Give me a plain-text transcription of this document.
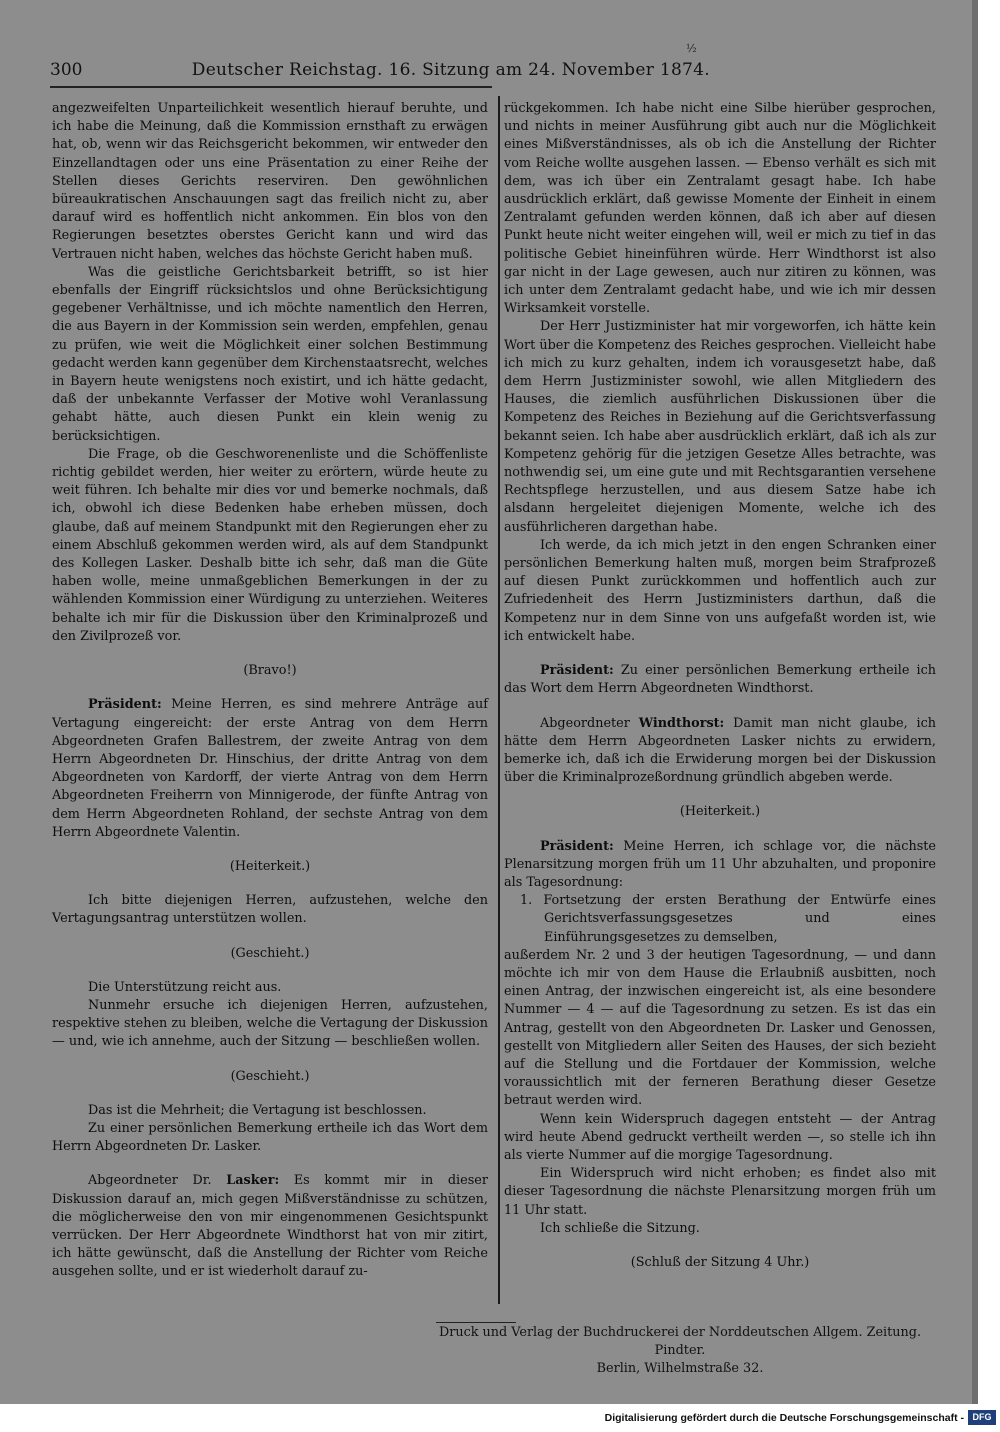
300	Deutscher Reichstag. 16. Sitzung am 24. November 1874.
½

angezweifelten Unparteilichkeit wesentlich hierauf beruhte, und ich habe die Meinung, daß die Kommission ernsthaft zu erwägen hat, ob, wenn wir das Reichsgericht bekommen, wir entweder den Einzellandtagen oder uns eine Präsentation zu einer Reihe der Stellen dieses Gerichts reserviren. Den gewöhnlichen büreaukratischen Anschauungen sagt das freilich nicht zu, aber darauf wird es hoffentlich nicht ankommen. Ein blos von den Regierungen besetztes oberstes Gericht kann und wird das Vertrauen nicht haben, welches das höchste Gericht haben muß.

Was die geistliche Gerichtsbarkeit betrifft, so ist hier ebenfalls der Eingriff rücksichtslos und ohne Berücksichtigung gegebener Verhältnisse, und ich möchte namentlich den Herren, die aus Bayern in der Kommission sein werden, empfehlen, genau zu prüfen, wie weit die Möglichkeit einer solchen Bestimmung gedacht werden kann gegenüber dem Kirchenstaatsrecht, welches in Bayern heute wenigstens noch existirt, und ich hätte gedacht, daß der unbekannte Verfasser der Motive wohl Veranlassung gehabt hätte, auch diesen Punkt ein klein wenig zu berücksichtigen.

Die Frage, ob die Geschworenenliste und die Schöffenliste richtig gebildet werden, hier weiter zu erörtern, würde heute zu weit führen. Ich behalte mir dies vor und bemerke nochmals, daß ich, obwohl ich diese Bedenken habe erheben müssen, doch glaube, daß auf meinem Standpunkt mit den Regierungen eher zu einem Abschluß gekommen werden wird, als auf dem Standpunkt des Kollegen Lasker. Deshalb bitte ich sehr, daß man die Güte haben wolle, meine unmaßgeblichen Bemerkungen in der zu wählenden Kommission einer Würdigung zu unterziehen. Weiteres behalte ich mir für die Diskussion über den Kriminalprozeß und den Zivilprozeß vor.

(Bravo!)

Präsident: Meine Herren, es sind mehrere Anträge auf Vertagung eingereicht: der erste Antrag von dem Herrn Abgeordneten Grafen Ballestrem, der zweite Antrag von dem Herrn Abgeordneten Dr. Hinschius, der dritte Antrag von dem Abgeordneten von Kardorff, der vierte Antrag von dem Herrn Abgeordneten Freiherrn von Minnigerode, der fünfte Antrag von dem Herrn Abgeordneten Rohland, der sechste Antrag von dem Herrn Abgeordnete Valentin.

(Heiterkeit.)

Ich bitte diejenigen Herren, aufzustehen, welche den Vertagungsantrag unterstützen wollen.

(Geschieht.)

Die Unterstützung reicht aus.

Nunmehr ersuche ich diejenigen Herren, aufzustehen, respektive stehen zu bleiben, welche die Vertagung der Diskussion — und, wie ich annehme, auch der Sitzung — beschließen wollen.

(Geschieht.)

Das ist die Mehrheit; die Vertagung ist beschlossen.

Zu einer persönlichen Bemerkung ertheile ich das Wort dem Herrn Abgeordneten Dr. Lasker.

Abgeordneter Dr. Lasker: Es kommt mir in dieser Diskussion darauf an, mich gegen Mißverständnisse zu schützen, die möglicherweise den von mir eingenommenen Gesichtspunkt verrücken. Der Herr Abgeordnete Windthorst hat von mir zitirt, ich hätte gewünscht, daß die Anstellung der Richter vom Reiche ausgehen sollte, und er ist wiederholt darauf zu-

rückgekommen. Ich habe nicht eine Silbe hierüber gesprochen, und nichts in meiner Ausführung gibt auch nur die Möglichkeit eines Mißverständnisses, als ob ich die Anstellung der Richter vom Reiche wollte ausgehen lassen. — Ebenso verhält es sich mit dem, was ich über ein Zentralamt gesagt habe. Ich habe ausdrücklich erklärt, daß gewisse Momente der Einheit in einem Zentralamt gefunden werden können, daß ich aber auf diesen Punkt heute nicht weiter eingehen will, weil er mich zu tief in das politische Gebiet hineinführen würde. Herr Windthorst ist also gar nicht in der Lage gewesen, auch nur zitiren zu können, was ich unter dem Zentralamt gedacht habe, und wie ich mir dessen Wirksamkeit vorstelle.

Der Herr Justizminister hat mir vorgeworfen, ich hätte kein Wort über die Kompetenz des Reiches gesprochen. Vielleicht habe ich mich zu kurz gehalten, indem ich vorausgesetzt habe, daß dem Herrn Justizminister sowohl, wie allen Mitgliedern des Hauses, die ziemlich ausführlichen Diskussionen über die Kompetenz des Reiches in Beziehung auf die Gerichtsverfassung bekannt seien. Ich habe aber ausdrücklich erklärt, daß ich als zur Kompetenz gehörig für die jetzigen Gesetze Alles betrachte, was nothwendig sei, um eine gute und mit Rechtsgarantien versehene Rechtspflege herzustellen, und aus diesem Satze habe ich alsdann hergeleitet diejenigen Momente, welche ich des ausführlicheren dargethan habe.

Ich werde, da ich mich jetzt in den engen Schranken einer persönlichen Bemerkung halten muß, morgen beim Strafprozeß auf diesen Punkt zurückkommen und hoffentlich auch zur Zufriedenheit des Herrn Justizministers darthun, daß die Kompetenz nur in dem Sinne von uns aufgefaßt worden ist, wie ich entwickelt habe.

Präsident: Zu einer persönlichen Bemerkung ertheile ich das Wort dem Herrn Abgeordneten Windthorst.

Abgeordneter Windthorst: Damit man nicht glaube, ich hätte dem Herrn Abgeordneten Lasker nichts zu erwidern, bemerke ich, daß ich die Erwiderung morgen bei der Diskussion über die Kriminalprozeßordnung gründlich abgeben werde.

(Heiterkeit.)

Präsident: Meine Herren, ich schlage vor, die nächste Plenarsitzung morgen früh um 11 Uhr abzuhalten, und proponire als Tagesordnung:

1. Fortsetzung der ersten Berathung der Entwürfe eines Gerichtsverfassungsgesetzes und eines Einführungsgesetzes zu demselben,

außerdem Nr. 2 und 3 der heutigen Tagesordnung, — und dann möchte ich mir von dem Hause die Erlaubniß ausbitten, noch einen Antrag, der inzwischen eingereicht ist, als eine besondere Nummer — 4 — auf die Tagesordnung zu setzen. Es ist das ein Antrag, gestellt von den Abgeordneten Dr. Lasker und Genossen, gestellt von Mitgliedern aller Seiten des Hauses, der sich bezieht auf die Stellung und die Fortdauer der Kommission, welche voraussichtlich mit der ferneren Berathung dieser Gesetze betraut werden wird.

Wenn kein Widerspruch dagegen entsteht — der Antrag wird heute Abend gedruckt vertheilt werden —, so stelle ich ihn als vierte Nummer auf die morgige Tagesordnung.

Ein Widerspruch wird nicht erhoben; es findet also mit dieser Tagesordnung die nächste Plenarsitzung morgen früh um 11 Uhr statt.

Ich schließe die Sitzung.

(Schluß der Sitzung 4 Uhr.)
Druck und Verlag der Buchdruckerei der Norddeutschen Allgem. Zeitung. Pindter.
Berlin, Wilhelmstraße 32.
Digitalisierung gefördert durch die Deutsche Forschungsgemeinschaft - DFG
